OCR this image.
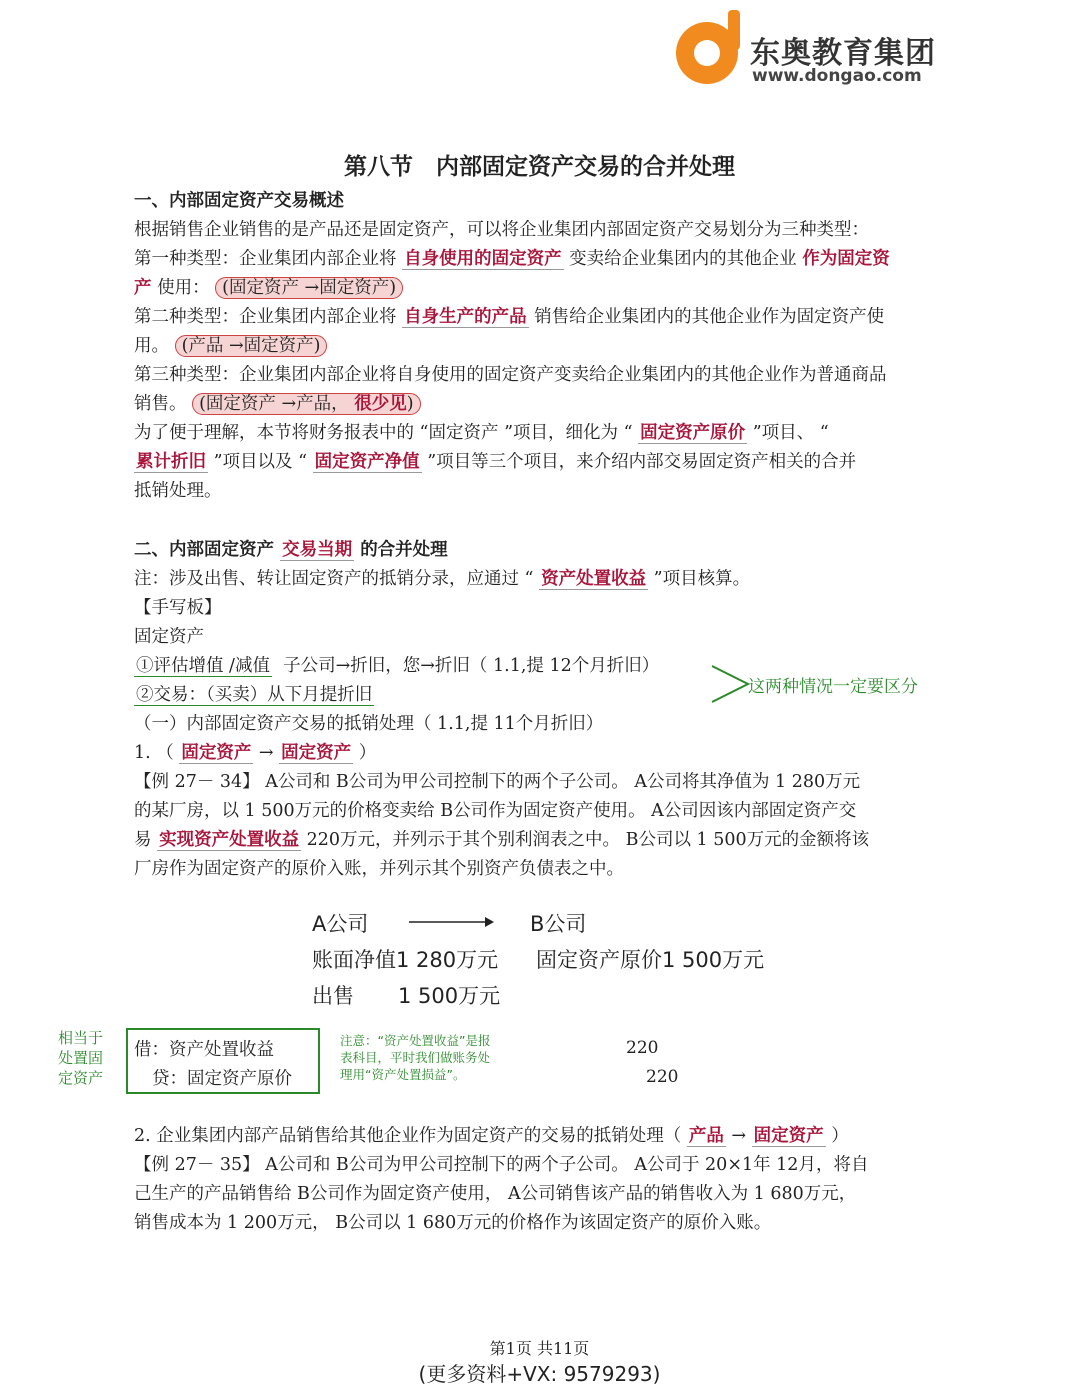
东奥教育集团
www.dongao.com
第八节　内部固定资产交易的合并处理
一、内部固定资产交易概述
根据销售企业销售的是产品还是固定资产，可以将企业集团内部固定资产交易划分为三种类型：
第一种类型：企业集团内部企业将 自身使用的固定资产 变卖给企业集团内的其他企业 作为固定资
产 使用： (固定资产 →固定资产)
第二种类型：企业集团内部企业将 自身生产的产品 销售给企业集团内的其他企业作为固定资产使
用。 (产品 →固定资产)
第三种类型：企业集团内部企业将自身使用的固定资产变卖给企业集团内的其他企业作为普通商品
销售。 (固定资产 →产品， 很少见)
为了便于理解，本节将财务报表中的 “固定资产 ”项目，细化为 “ 固定资产原价 ”项目、 “
累计折旧 ”项目以及 “ 固定资产净值 ”项目等三个项目，来介绍内部交易固定资产相关的合并
抵销处理。
二、内部固定资产 交易当期 的合并处理
注：涉及出售、转让固定资产的抵销分录，应通过 “ 资产处置收益 ”项目核算。
【手写板】
固定资产
①评估增值 /减值 子公司→折旧，您→折旧（ 1.1,提 12个月折旧）
②交易：（买卖）从下月提折旧	这两种情况一定要区分
（一）内部固定资产交易的抵销处理（ 1.1,提 11个月折旧）
1. （ 固定资产 → 固定资产 ）
【例 27－ 34】 A公司和 B公司为甲公司控制下的两个子公司。 A公司将其净值为 1 280万元
的某厂房，以 1 500万元的价格变卖给 B公司作为固定资产使用。 A公司因该内部固定资产交
易 实现资产处置收益 220万元，并列示于其个别利润表之中。 B公司以 1 500万元的金额将该
厂房作为固定资产的原价入账，并列示其个别资产负债表之中。
A公司	B公司
账面净值1 280万元 固定资产原价1 500万元
出售 1 500万元
相当于
处置固
定资产
借：资产处置收益
贷：固定资产原价
注意：“资产处置收益”是报
表科目，平时我们做账务处
理用“资产处置损益”。
220
220
2. 企业集团内部产品销售给其他企业作为固定资产的交易的抵销处理（ 产品 → 固定资产 ）
【例 27－ 35】 A公司和 B公司为甲公司控制下的两个子公司。 A公司于 20×1年 12月，将自
己生产的产品销售给 B公司作为固定资产使用， A公司销售该产品的销售收入为 1 680万元，
销售成本为 1 200万元， B公司以 1 680万元的价格作为该固定资产的原价入账。
第1页 共11页
(更多资料+VX: 9579293)
